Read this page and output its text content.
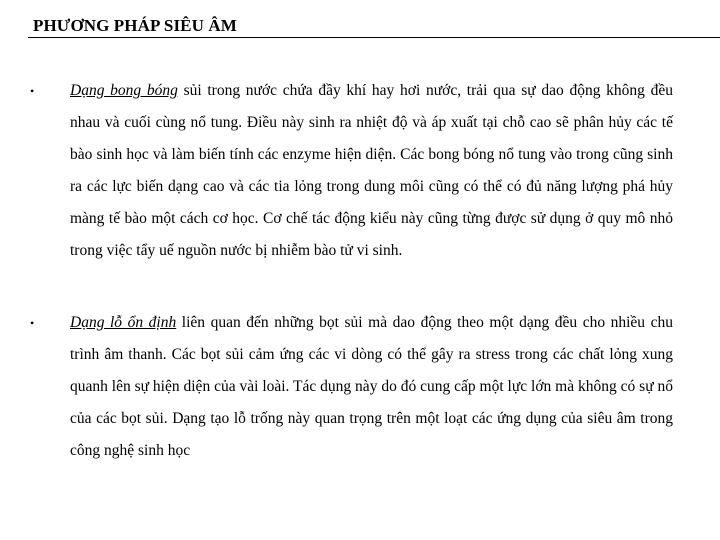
PHƯƠNG PHÁP SIÊU ÂM
• Dạng bong bóng sủi trong nước chứa đầy khí hay hơi nước, trải qua sự dao động không đều nhau và cuối cùng nổ tung. Điều này sinh ra nhiệt độ và áp xuất tại chỗ cao sẽ phân hủy các tế bào sinh học và làm biến tính các enzyme hiện diện. Các bong bóng nổ tung vào trong cũng sinh ra các lực biến dạng cao và các tia lỏng trong dung môi cũng có thể có đủ năng lượng phá hủy màng tế bào một cách cơ học. Cơ chế tác động kiểu này cũng từng được sử dụng ở quy mô nhỏ trong việc tẩy uế nguồn nước bị nhiễm bào tử vi sinh.
• Dạng lỗ ổn định liên quan đến những bọt sủi mà dao động theo một dạng đều cho nhiều chu trình âm thanh. Các bọt sủi cảm ứng các vi dòng có thể gây ra stress trong các chất lỏng xung quanh lên sự hiện diện của vài loài. Tác dụng này do đó cung cấp một lực lớn mà không có sự nổ của các bọt sủi. Dạng tạo lỗ trống này quan trọng trên một loạt các ứng dụng của siêu âm trong công nghệ sinh học
